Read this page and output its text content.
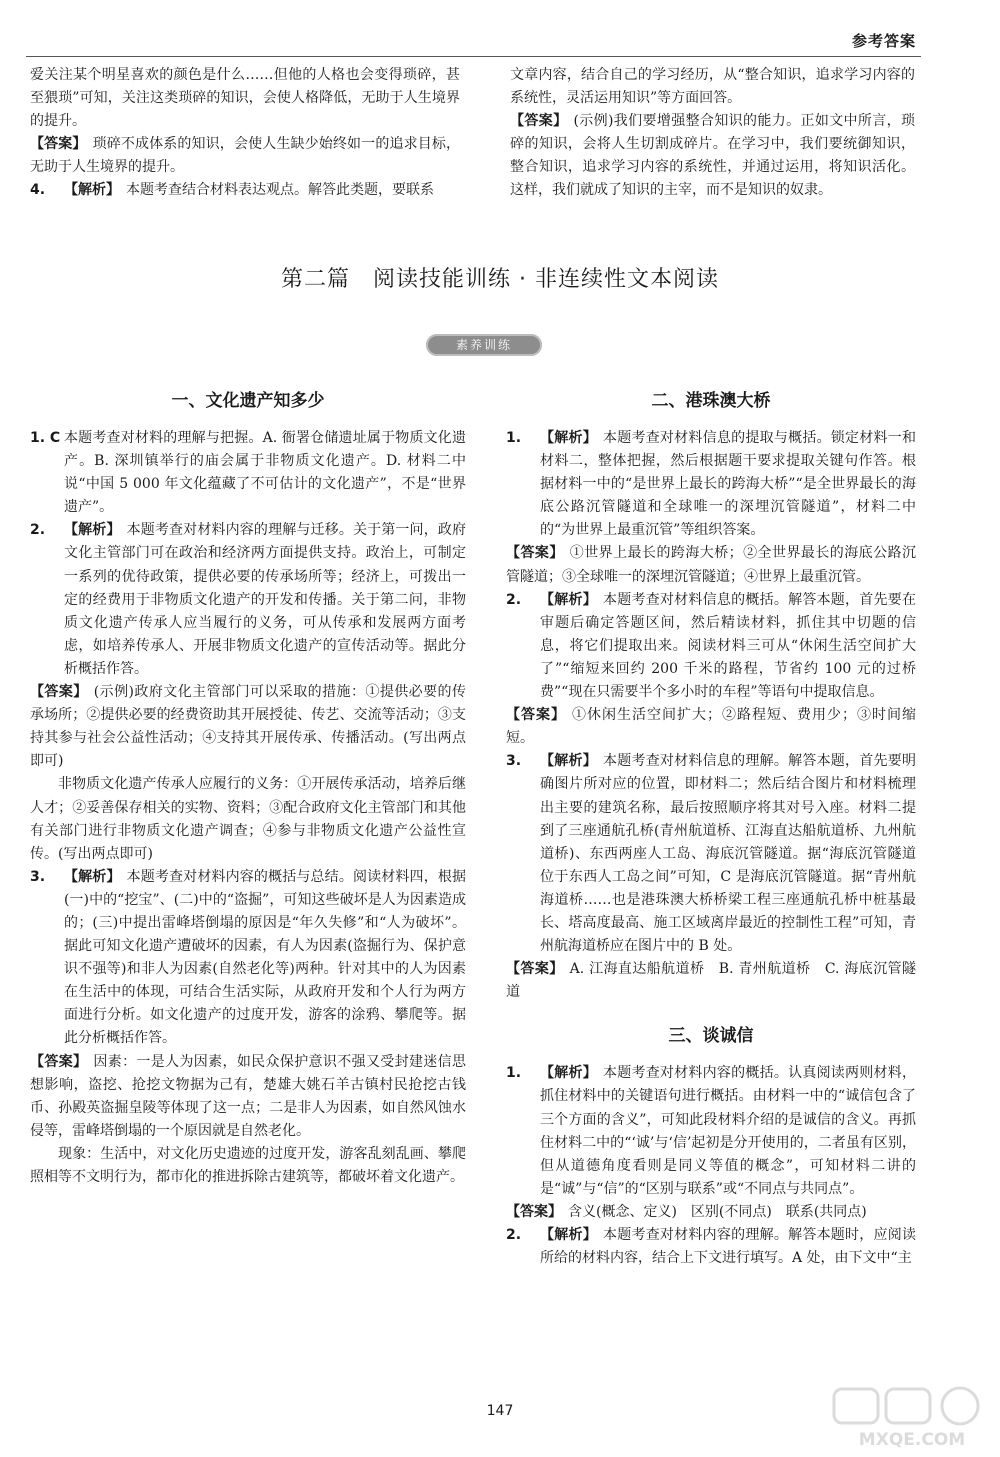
参考答案

爱关注某个明星喜欢的颜色是什么……但他的人格也会变得琐碎，甚至猥琐”可知，关注这类琐碎的知识，会使人格降低，无助于人生境界的提升。

【答案】 琐碎不成体系的知识，会使人生缺少始终如一的追求目标，无助于人生境界的提升。

4. 【解析】 本题考查结合材料表达观点。解答此类题，要联系

文章内容，结合自己的学习经历，从“整合知识，追求学习内容的系统性，灵活运用知识”等方面回答。

【答案】 (示例)我们要增强整合知识的能力。正如文中所言，琐碎的知识，会将人生切割成碎片。在学习中，我们要统御知识，整合知识，追求学习内容的系统性，并通过运用，将知识活化。这样，我们就成了知识的主宰，而不是知识的奴隶。

第二篇　阅读技能训练 · 非连续性文本阅读
素养训练
一、文化遗产知多少

1. C 本题考查对材料的理解与把握。A. 衙署仓储遗址属于物质文化遗产。B. 深圳镇举行的庙会属于非物质文化遗产。D. 材料二中说“中国 5 000 年文化蕴藏了不可估计的文化遗产”，不是“世界遗产”。

2. 【解析】 本题考查对材料内容的理解与迁移。关于第一问，政府文化主管部门可在政治和经济两方面提供支持。政治上，可制定一系列的优待政策，提供必要的传承场所等；经济上，可拨出一定的经费用于非物质文化遗产的开发和传播。关于第二问，非物质文化遗产传承人应当履行的义务，可从传承和发展两方面考虑，如培养传承人、开展非物质文化遗产的宣传活动等。据此分析概括作答。

【答案】 (示例)政府文化主管部门可以采取的措施：①提供必要的传承场所；②提供必要的经费资助其开展授徒、传艺、交流等活动；③支持其参与社会公益性活动；④支持其开展传承、传播活动。(写出两点即可)

非物质文化遗产传承人应履行的义务：①开展传承活动，培养后继人才；②妥善保存相关的实物、资料；③配合政府文化主管部门和其他有关部门进行非物质文化遗产调查；④参与非物质文化遗产公益性宣传。(写出两点即可)

3. 【解析】 本题考查对材料内容的概括与总结。阅读材料四，根据(一)中的“挖宝”、(二)中的“盗掘”，可知这些破坏是人为因素造成的；(三)中提出雷峰塔倒塌的原因是“年久失修”和“人为破坏”。据此可知文化遗产遭破坏的因素，有人为因素(盗掘行为、保护意识不强等)和非人为因素(自然老化等)两种。针对其中的人为因素在生活中的体现，可结合生活实际，从政府开发和个人行为两方面进行分析。如文化遗产的过度开发，游客的涂鸦、攀爬等。据此分析概括作答。

【答案】 因素：一是人为因素，如民众保护意识不强又受封建迷信思想影响，盗挖、抢挖文物据为己有，楚雄大姚石羊古镇村民抢挖古钱币、孙殿英盗掘皇陵等体现了这一点；二是非人为因素，如自然风蚀水侵等，雷峰塔倒塌的一个原因就是自然老化。

现象：生活中，对文化历史遗迹的过度开发，游客乱刻乱画、攀爬照相等不文明行为，都市化的推进拆除古建筑等，都破坏着文化遗产。

二、港珠澳大桥

1. 【解析】 本题考查对材料信息的提取与概括。锁定材料一和材料二，整体把握，然后根据题干要求提取关键句作答。根据材料一中的“是世界上最长的跨海大桥”“是全世界最长的海底公路沉管隧道和全球唯一的深埋沉管隧道”，材料二中的“为世界上最重沉管”等组织答案。

【答案】 ①世界上最长的跨海大桥；②全世界最长的海底公路沉管隧道；③全球唯一的深埋沉管隧道；④世界上最重沉管。

2. 【解析】 本题考查对材料信息的概括。解答本题，首先要在审题后确定答题区间，然后精读材料，抓住其中切题的信息，将它们提取出来。阅读材料三可从“休闲生活空间扩大了”“缩短来回约 200 千米的路程，节省约 100 元的过桥费”“现在只需要半个多小时的车程”等语句中提取信息。

【答案】 ①休闲生活空间扩大；②路程短、费用少；③时间缩短。

3. 【解析】 本题考查对材料信息的理解。解答本题，首先要明确图片所对应的位置，即材料二；然后结合图片和材料梳理出主要的建筑名称，最后按照顺序将其对号入座。材料二提到了三座通航孔桥(青州航道桥、江海直达船航道桥、九州航道桥)、东西两座人工岛、海底沉管隧道。据“海底沉管隧道位于东西人工岛之间”可知，C 是海底沉管隧道。据“青州航海道桥……也是港珠澳大桥桥梁工程三座通航孔桥中桩基最长、塔高度最高、施工区域离岸最近的控制性工程”可知，青州航海道桥应在图片中的 B 处。

【答案】 A. 江海直达船航道桥　B. 青州航道桥　C. 海底沉管隧道

三、谈诚信

1. 【解析】 本题考查对材料内容的概括。认真阅读两则材料，抓住材料中的关键语句进行概括。由材料一中的“诚信包含了三个方面的含义”，可知此段材料介绍的是诚信的含义。再抓住材料二中的“‘诚’与‘信’起初是分开使用的，二者虽有区别，但从道德角度看则是同义等值的概念”，可知材料二讲的是“诚”与“信”的“区别与联系”或“不同点与共同点”。

【答案】 含义(概念、定义)　区别(不同点)　联系(共同点)

2. 【解析】 本题考查对材料内容的理解。解答本题时，应阅读所给的材料内容，结合上下文进行填写。A 处，由下文中“主

147
MXQE.COM
